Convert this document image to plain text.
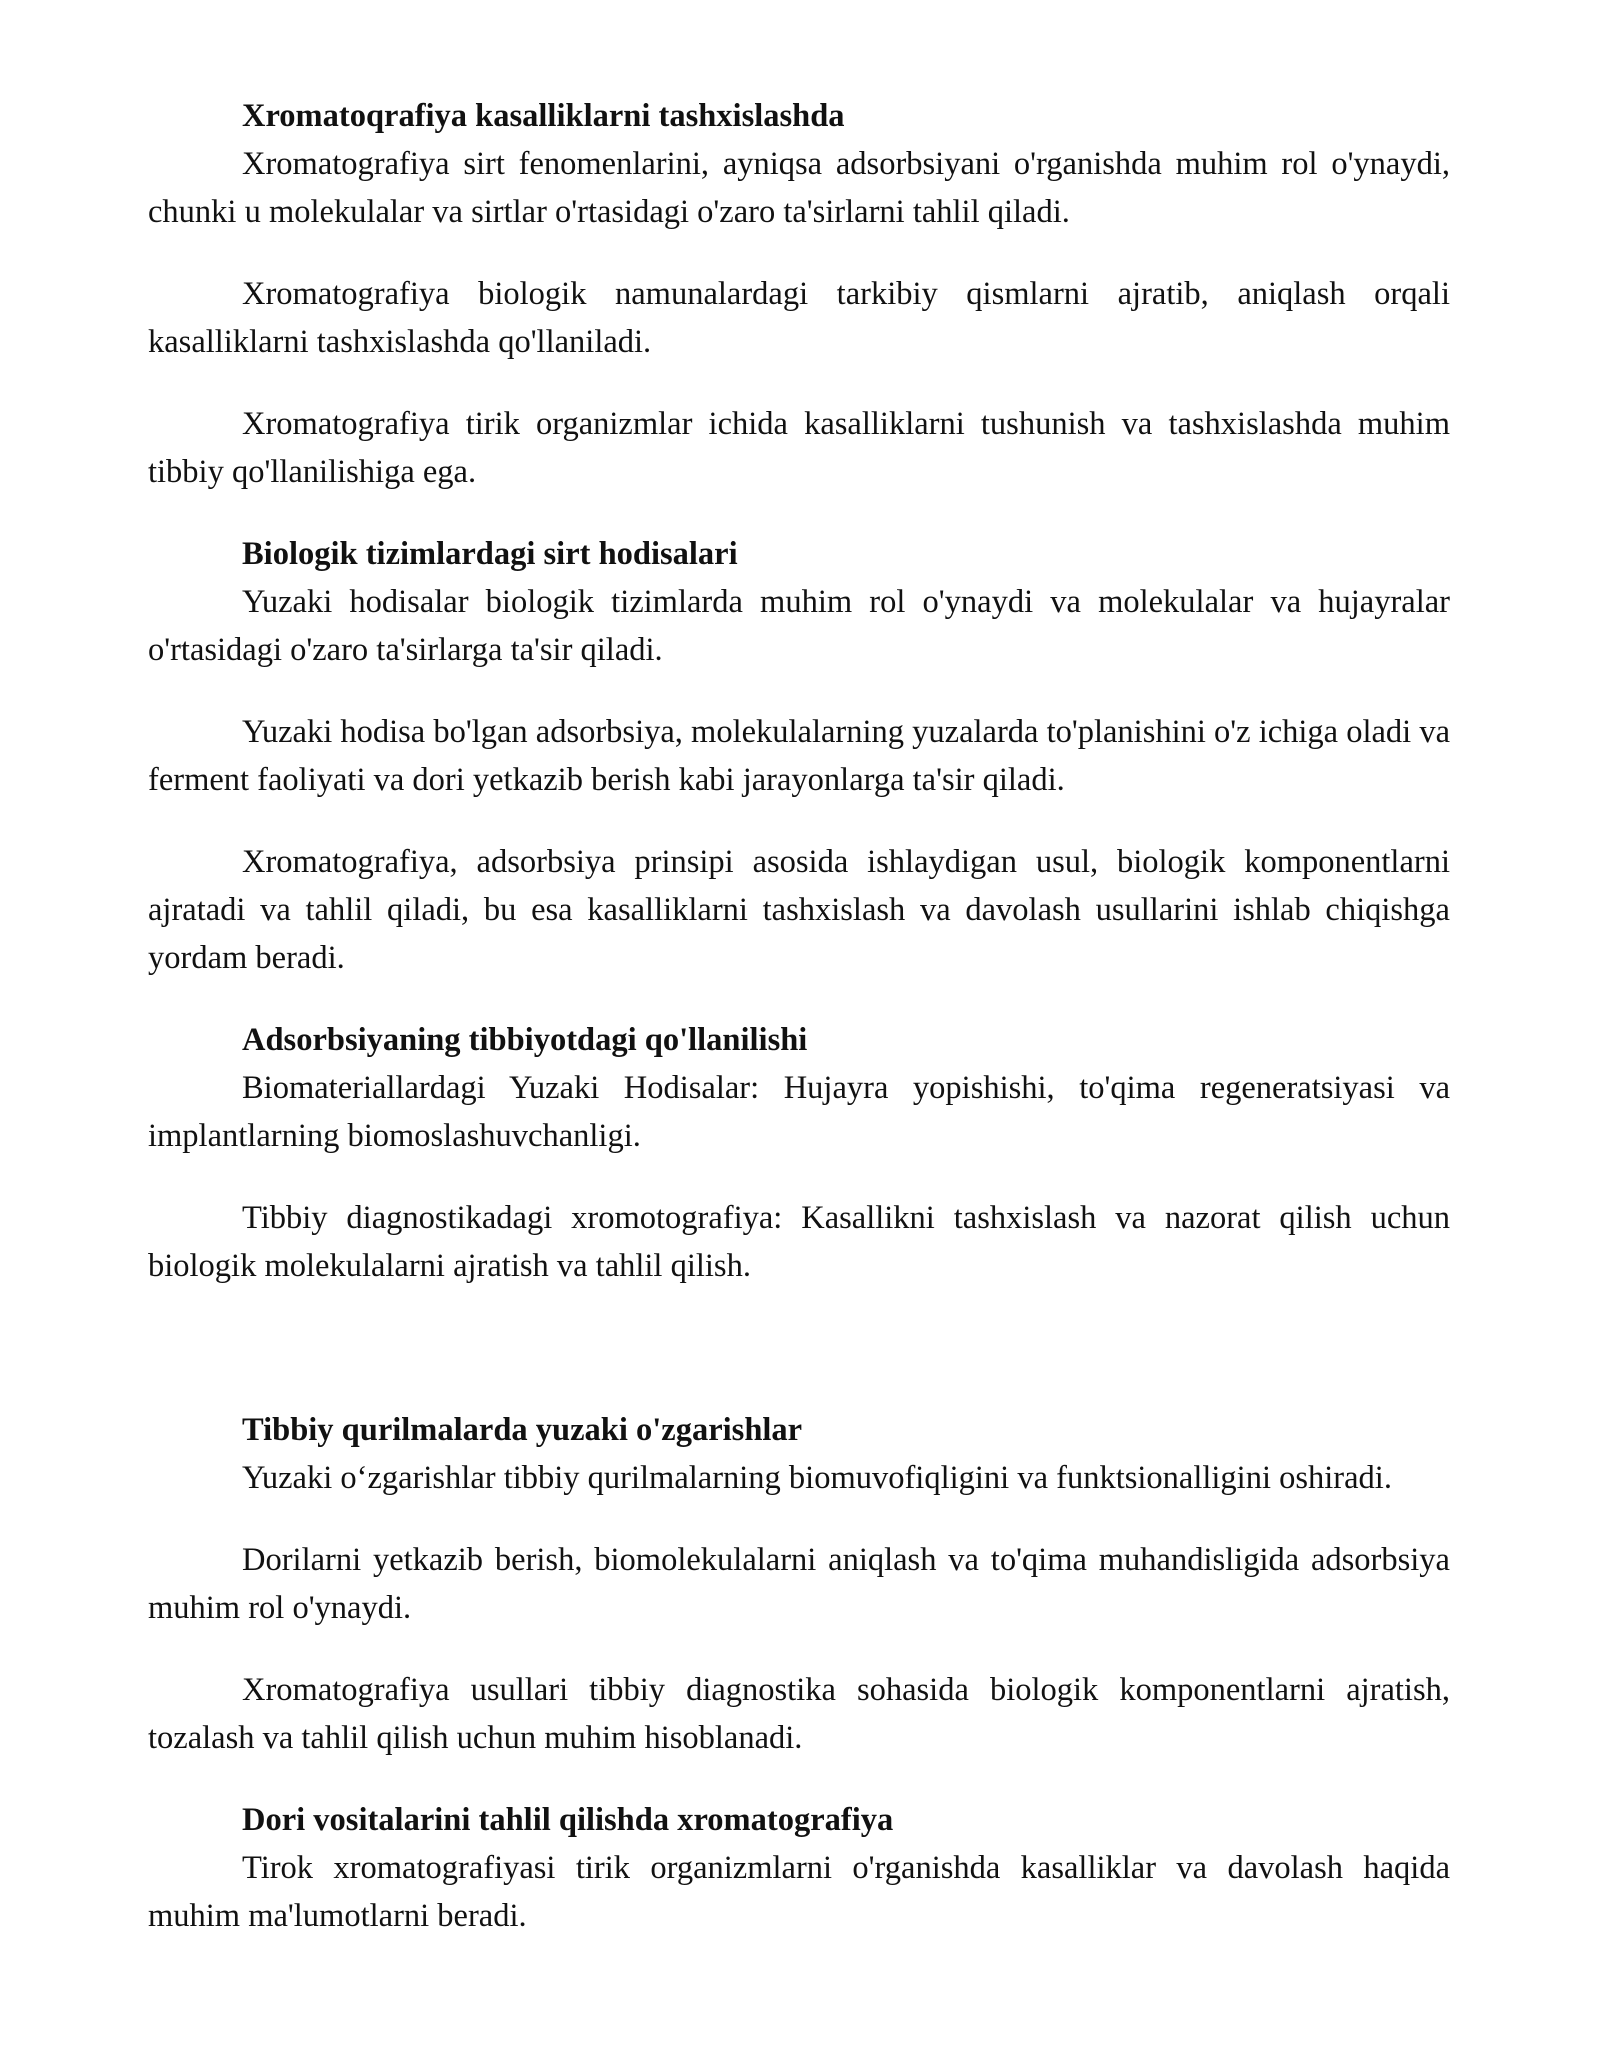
Xromatoqrafiya kasalliklarni tashxislashda

Xromatografiya sirt fenomenlarini, ayniqsa adsorbsiyani o'rganishda muhim rol o'ynaydi, chunki u molekulalar va sirtlar o'rtasidagi o'zaro ta'sirlarni tahlil qiladi.

Xromatografiya biologik namunalardagi tarkibiy qismlarni ajratib, aniqlash orqali kasalliklarni tashxislashda qo'llaniladi.

Xromatografiya tirik organizmlar ichida kasalliklarni tushunish va tashxislashda muhim tibbiy qo'llanilishiga ega.

Biologik tizimlardagi sirt hodisalari

Yuzaki hodisalar biologik tizimlarda muhim rol o'ynaydi va molekulalar va hujayralar o'rtasidagi o'zaro ta'sirlarga ta'sir qiladi.

Yuzaki hodisa bo'lgan adsorbsiya, molekulalarning yuzalarda to'planishini o'z ichiga oladi va ferment faoliyati va dori yetkazib berish kabi jarayonlarga ta'sir qiladi.

Xromatografiya, adsorbsiya prinsipi asosida ishlaydigan usul, biologik komponentlarni ajratadi va tahlil qiladi, bu esa kasalliklarni tashxislash va davolash usullarini ishlab chiqishga yordam beradi.

Adsorbsiyaning tibbiyotdagi qo'llanilishi

Biomateriallardagi Yuzaki Hodisalar: Hujayra yopishishi, to'qima regeneratsiyasi va implantlarning biomoslashuvchanligi.

Tibbiy diagnostikadagi xromotografiya: Kasallikni tashxislash va nazorat qilish uchun biologik molekulalarni ajratish va tahlil qilish.

Tibbiy qurilmalarda yuzaki o'zgarishlar

Yuzaki o‘zgarishlar tibbiy qurilmalarning biomuvofiqligini va funktsionalligini oshiradi.

Dorilarni yetkazib berish, biomolekulalarni aniqlash va to'qima muhandisligida adsorbsiya muhim rol o'ynaydi.

Xromatografiya usullari tibbiy diagnostika sohasida biologik komponentlarni ajratish, tozalash va tahlil qilish uchun muhim hisoblanadi.

Dori vositalarini tahlil qilishda xromatografiya

Tirok xromatografiyasi tirik organizmlarni o'rganishda kasalliklar va davolash haqida muhim ma'lumotlarni beradi.
